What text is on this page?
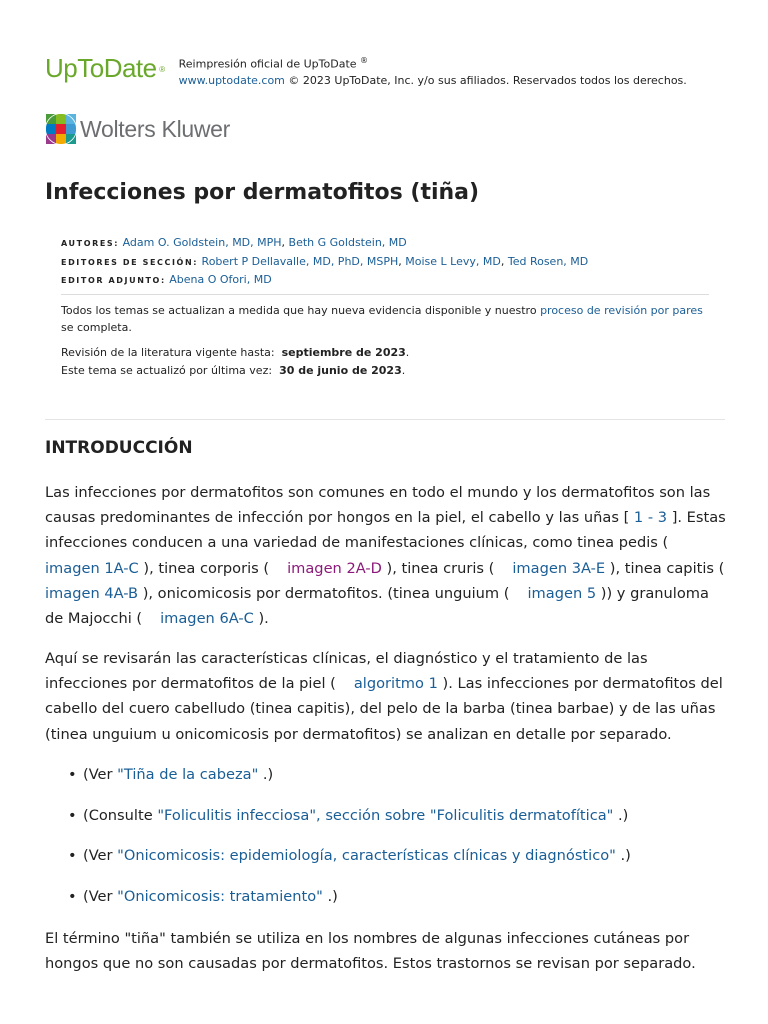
UpToDate ® Reimpresión oficial de UpToDate ®
www.uptodate.com © 2023 UpToDate, Inc. y/o sus afiliados. Reservados todos los derechos.
Wolters Kluwer
Infecciones por dermatofitos (tiña)
AUTORES: Adam O. Goldstein, MD, MPH, Beth G Goldstein, MD
EDITORES DE SECCIÓN: Robert P Dellavalle, MD, PhD, MSPH, Moise L Levy, MD, Ted Rosen, MD
EDITOR ADJUNTO: Abena O Ofori, MD
Todos los temas se actualizan a medida que hay nueva evidencia disponible y nuestro proceso de revisión por pares se completa.
Revisión de la literatura vigente hasta: septiembre de 2023.
Este tema se actualizó por última vez: 30 de junio de 2023.
INTRODUCCIÓN

Las infecciones por dermatofitos son comunes en todo el mundo y los dermatofitos son las causas predominantes de infección por hongos en la piel, el cabello y las uñas [ 1 - 3 ]. Estas infecciones conducen a una variedad de manifestaciones clínicas, como tinea pedis (imagen 1A-C ), tinea corporis ( imagen 2A-D ), tinea cruris ( imagen 3A-E ), tinea capitis ( imagen 4A-B ), onicomicosis por dermatofitos. (tinea unguium ( imagen 5 )) y granuloma de Majocchi ( imagen 6A-C ).

Aquí se revisarán las características clínicas, el diagnóstico y el tratamiento de las infecciones por dermatofitos de la piel ( algoritmo 1 ). Las infecciones por dermatofitos del cabello del cuero cabelludo (tinea capitis), del pelo de la barba (tinea barbae) y de las uñas (tinea unguium u onicomicosis por dermatofitos) se analizan en detalle por separado.

• (Ver "Tiña de la cabeza" .)
• (Consulte "Foliculitis infecciosa", sección sobre "Foliculitis dermatofítica" .)
• (Ver "Onicomicosis: epidemiología, características clínicas y diagnóstico" .)
• (Ver "Onicomicosis: tratamiento" .)

El término "tiña" también se utiliza en los nombres de algunas infecciones cutáneas por hongos que no son causadas por dermatofitos. Estos trastornos se revisan por separado.
